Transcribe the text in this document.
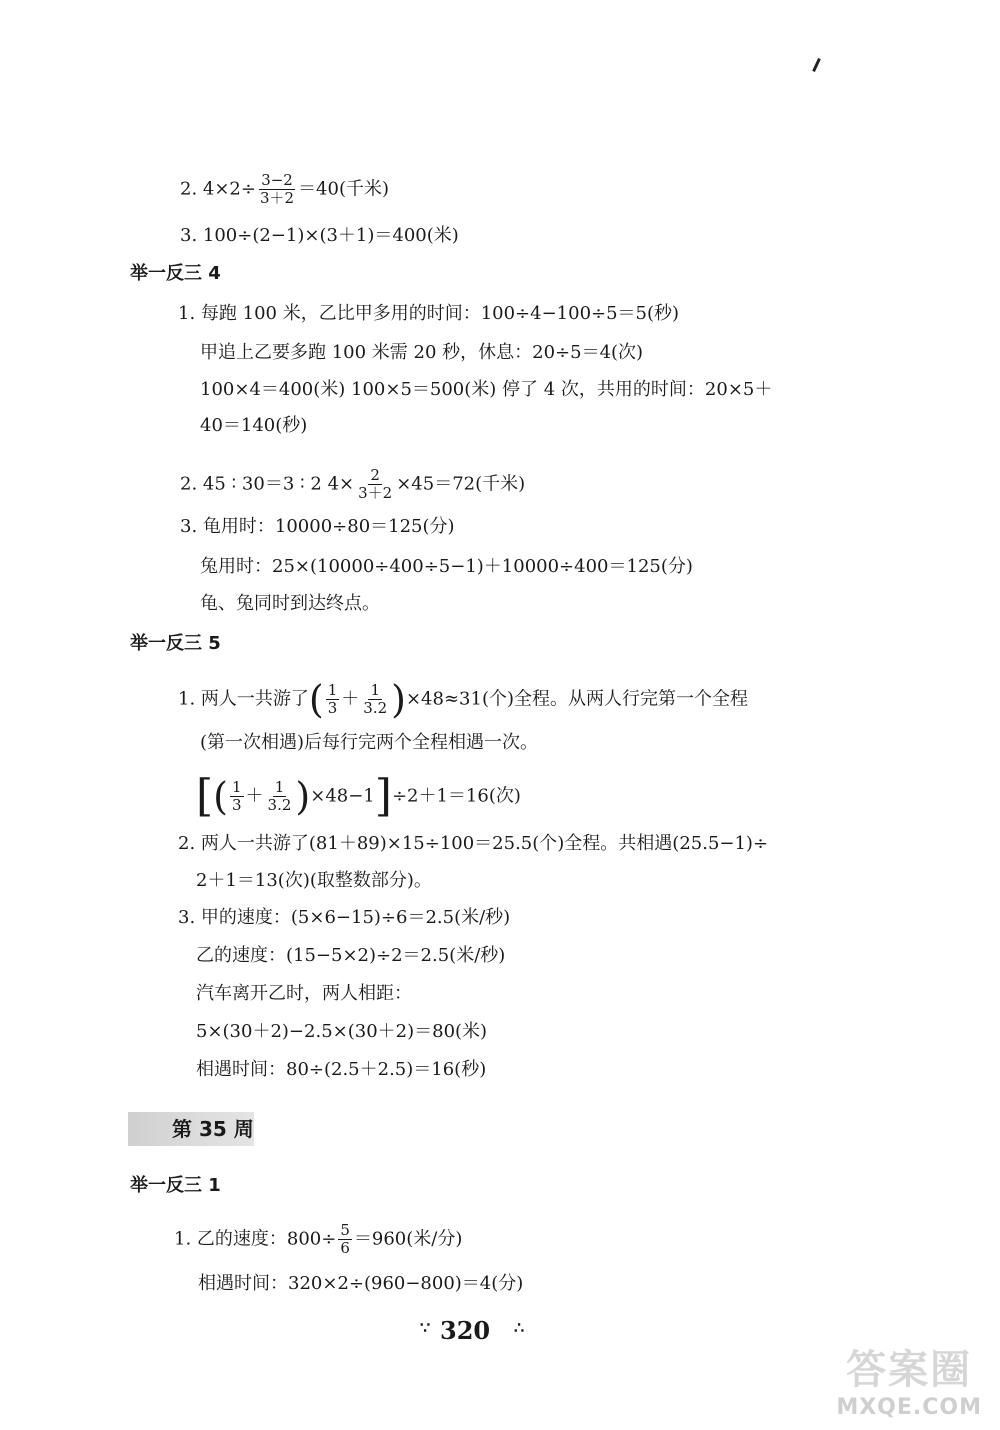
2. $4\times 2\div \frac{3-2}{3+2} =40$(千米)
3. 100÷(2−1)×(3＋1)＝400(米)
举一反三 4
1. 每跑 100 米，乙比甲多用的时间：100÷4−100÷5＝5(秒)
甲追上乙要多跑 100 米需 20 秒，休息：20÷5＝4(次)
100×4＝400(米) 100×5＝500(米) 停了 4 次，共用的时间：20×5＋
40＝140(秒)
2. 45 ∶ 30＝3 ∶ 2 $4\times \frac{2}{3+2} \times 45=72$(千米)
3. 龟用时：10000÷80＝125(分)
兔用时：25×(10000÷400÷5−1)＋10000÷400＝125(分)
龟、兔同时到达终点。
举一反三 5
1. 两人一共游了( $\frac{1}{3} + \frac{1}{3.2} )\times 48\approx 31$(个)全程。从两人行完第一个全程
(第一次相遇)后每行完两个全程相遇一次。
[( $\frac{1}{3} + \frac{1}{3.2} )\times 48-1]\div 2+1=16$(次)
2. 两人一共游了(81＋89)×15÷100＝25.5(个)全程。共相遇(25.5−1)÷
2＋1＝13(次)(取整数部分)。
3. 甲的速度：(5×6−15)÷6＝2.5(米/秒)
乙的速度：(15−5×2)÷2＝2.5(米/秒)
汽车离开乙时，两人相距：
5×(30＋2)−2.5×(30＋2)＝80(米)
相遇时间：80÷(2.5＋2.5)＝16(秒)
第 35 周
举一反三 1
1. 乙的速度：$800\div \frac{5}{6} =960$(米/分)
相遇时间：320×2÷(960−800)＝4(分)
∵ 320 ∴
答案圈
MXQE.COM
